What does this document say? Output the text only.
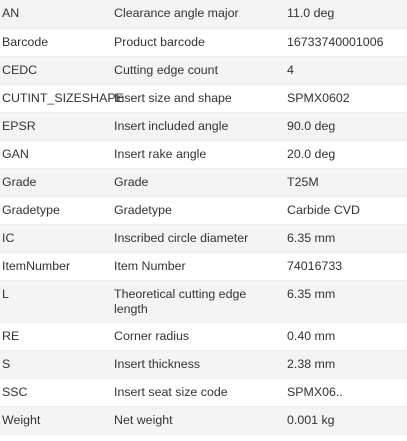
AN	Clearance angle major	11.0 deg
Barcode	Product barcode	16733740001006
CEDC	Cutting edge count	4
CUTINT_SIZESHAPE	Insert size and shape	SPMX0602
EPSR	Insert included angle	90.0 deg
GAN	Insert rake angle	20.0 deg
Grade	Grade	T25M
Gradetype	Gradetype	Carbide CVD
IC	Inscribed circle diameter	6.35 mm
ItemNumber	Item Number	74016733
L	Theoretical cutting edge length	6.35 mm
RE	Corner radius	0.40 mm
S	Insert thickness	2.38 mm
SSC	Insert seat size code	SPMX06..
Weight	Net weight	0.001 kg
